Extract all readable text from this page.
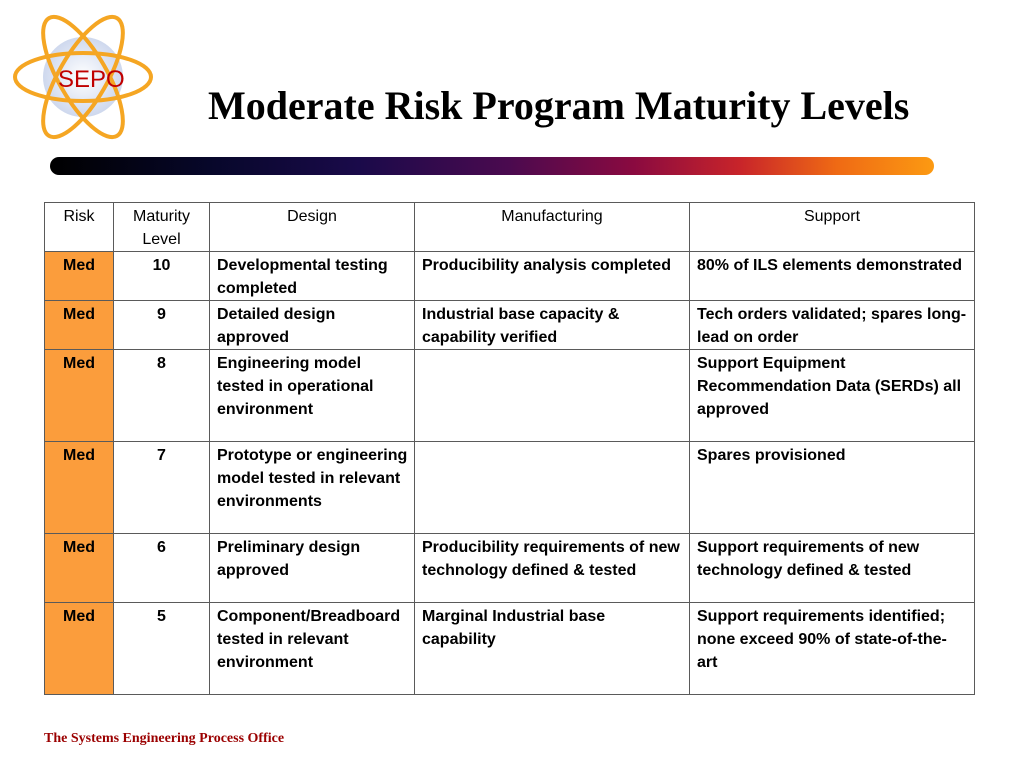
SEPO
Moderate Risk Program Maturity Levels
Risk	Maturity Level	Design	Manufacturing	Support
Med	10	Developmental testing completed	Producibility analysis completed	80% of ILS elements demonstrated
Med	9	Detailed design approved	Industrial base capacity & capability verified	Tech orders validated; spares long-lead on order
Med	8	Engineering model tested in operational environment		Support Equipment Recommendation Data (SERDs) all approved
Med	7	Prototype or engineering model tested in relevant environments		Spares provisioned
Med	6	Preliminary design approved	Producibility requirements of new technology defined & tested	Support requirements of new technology defined & tested
Med	5	Component/Breadboard tested in relevant environment	Marginal Industrial base capability	Support requirements identified; none exceed 90% of state-of-the-art
The Systems Engineering Process Office
